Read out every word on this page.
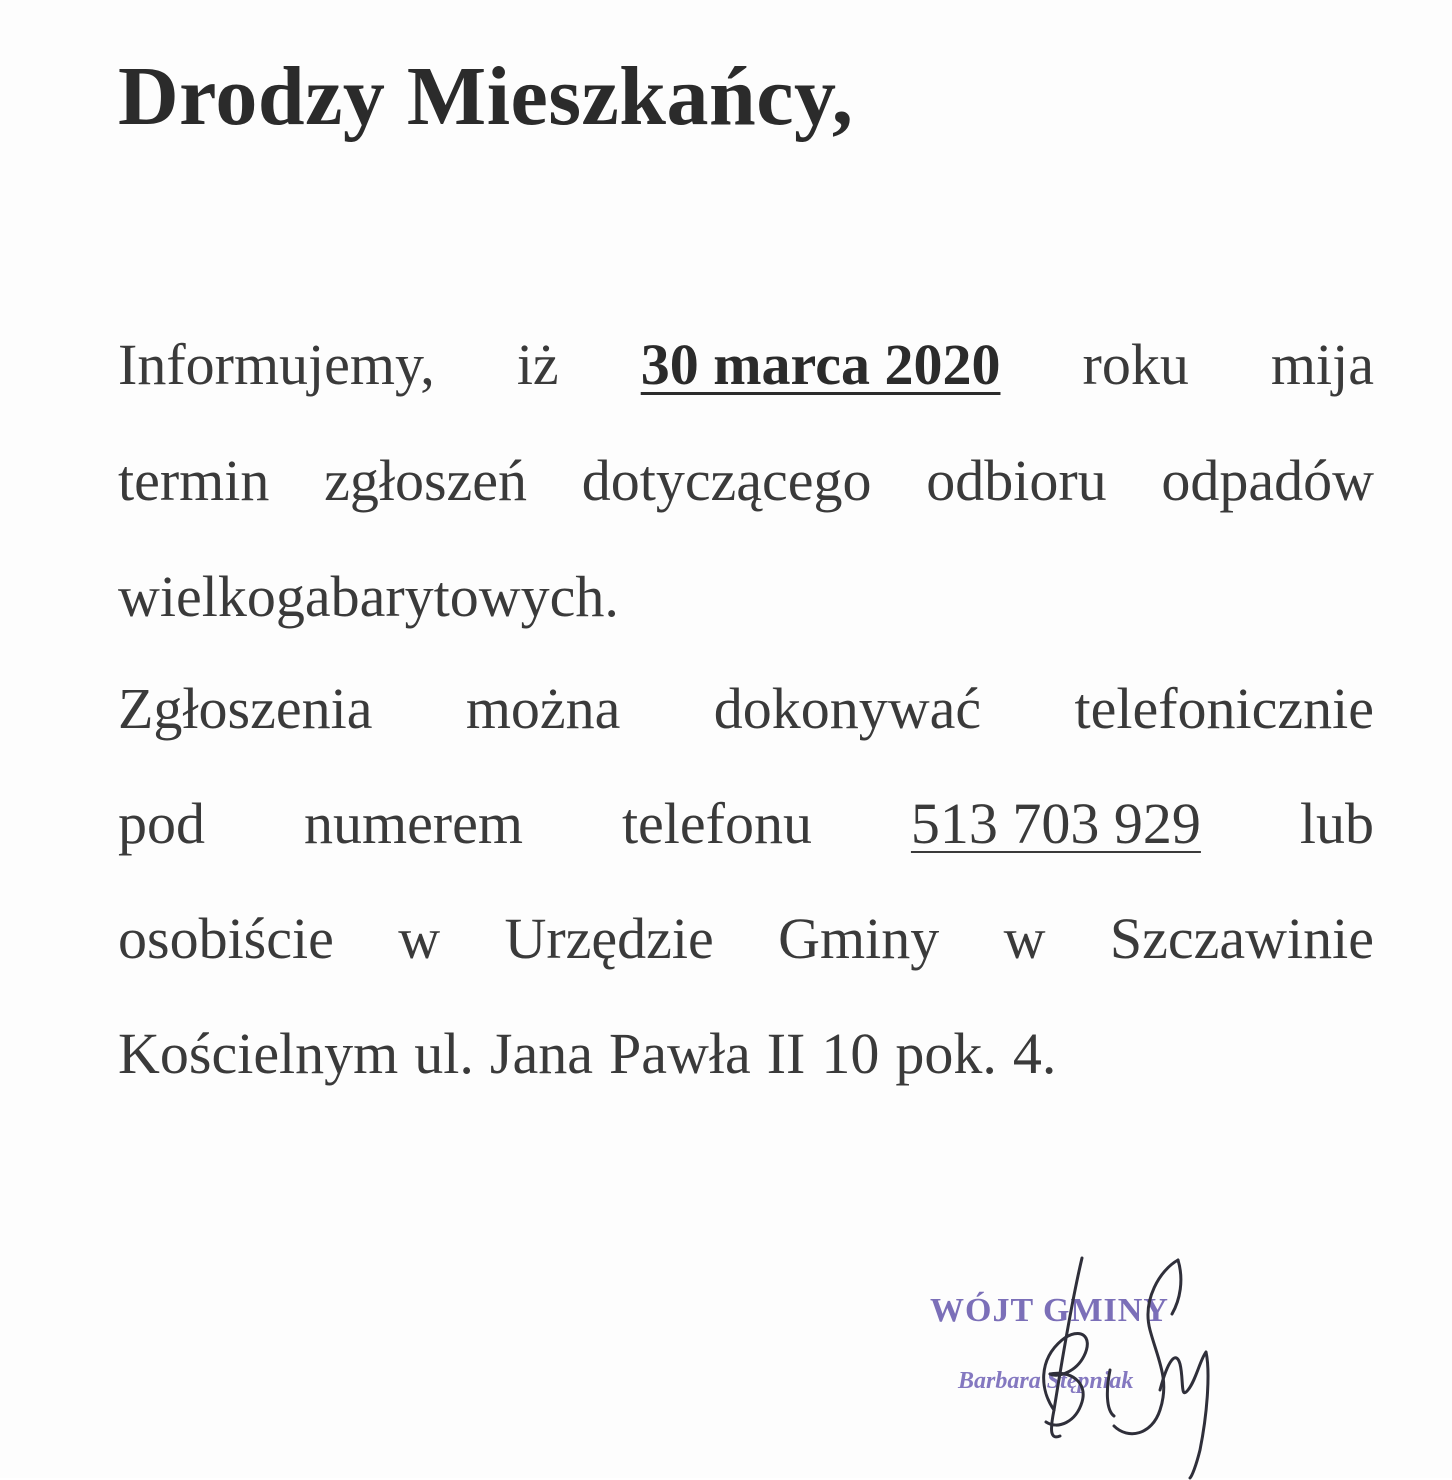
Drodzy Mieszkańcy,
Informujemy, iż 30 marca 2020 roku mija
termin zgłoszeń dotyczącego odbioru odpadów
wielkogabarytowych.
Zgłoszenia można dokonywać telefonicznie
pod numerem telefonu 513 703 929 lub
osobiście w Urzędzie Gminy w Szczawinie
Kościelnym ul. Jana Pawła II 10 pok. 4.
WÓJT GMINY
Barbara Stępniak
